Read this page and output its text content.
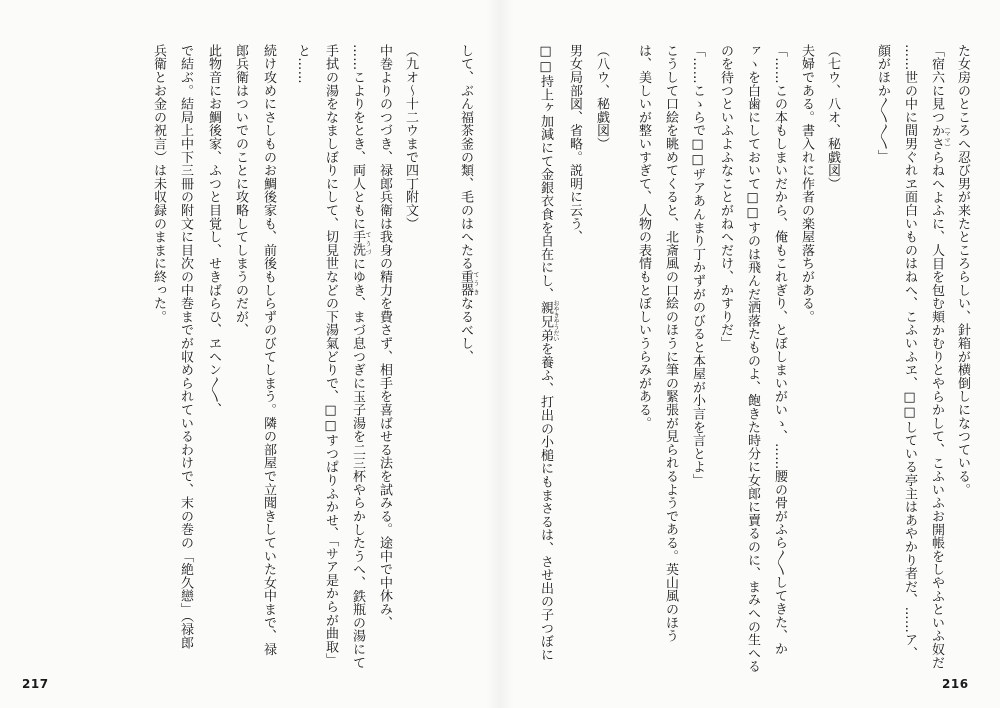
た女房のところへ忍び男が来たところらしい、針箱が横倒しになつている。
「宿六に見つかさ （ママ）らねへよふに、人目を包む頬かむりとやらかして、こふいふお開帳をしやふといふ奴だ
……世の中に間男ぐれヱ面白いものはねへ、こふいふヱ、□□している亭主はあやかり者だ、……ア、
顔がほか〳〵〳〵」
（七ウ、八オ、秘戯図）
夫婦である。書入れに作者の楽屋落ちがある。
「……この本もしまいだから、俺もこれぎり、とぼしまいがいゝ、……腰の骨がふら〳〵してきた、か
ァヽを白歯にしておいて□□すのは飛んだ洒落たものよ、飽きた時分に女郎に賣るのに、まみへの生へる
のを待つといふよふなことがねへだけ、かすりだ」
「……こゝらで□□ザアあんまり丁かずがのびると本屋が小言を言とよ」
こうして口絵を眺めてくると、北斎風の口絵のほうに筆の緊張が見られるようである。英山風のほう
は、美しいが整いすぎて、人物の表情もとぼしいうらみがある。
（八ウ、秘戯図）
男女局部図、省略。説明に云う、
□□持上ヶ加減にて金銀衣食を自在にし、親兄弟 おやきやうだいを養ふ、打出の小槌にもまさるは、させ出の子つぼに
216
して、ぶん福茶釜の類、毛のはへたる重器 てうきなるべし、
（九オ〜十二ウまで四丁附文）
中巻よりのつづき、禄郎兵衛は我身の精力を費さず、相手を喜ばせる法を試みる。途中で中休み、
……こよりをとき、両人ともに手洗 てうづにゆき、まづ息つぎに玉子湯を二三杯やらかしたうへ、鉄瓶の湯にて
手拭の湯をなましぼりにして、切見世などの下湯氣どりで、□□すつぱりふかせ、「サア是からが曲取」
と……
続け攻めにさしものお鯛後家も、前後もしらずのびてしまう。隣の部屋で立聞きしていた女中まで、禄
郎兵衛はついでのことに攻略してしまうのだが、
此物音にお鯛後家、ふつと目覚し、せきばらひ、ヱヘン〳〵、
で結ぶ。結局上中下三冊の附文に目次の中巻までが収められているわけで、末の巻の「絶久戀」（禄郎
兵衛とお金の祝言）は未収録のままに終った。
217
